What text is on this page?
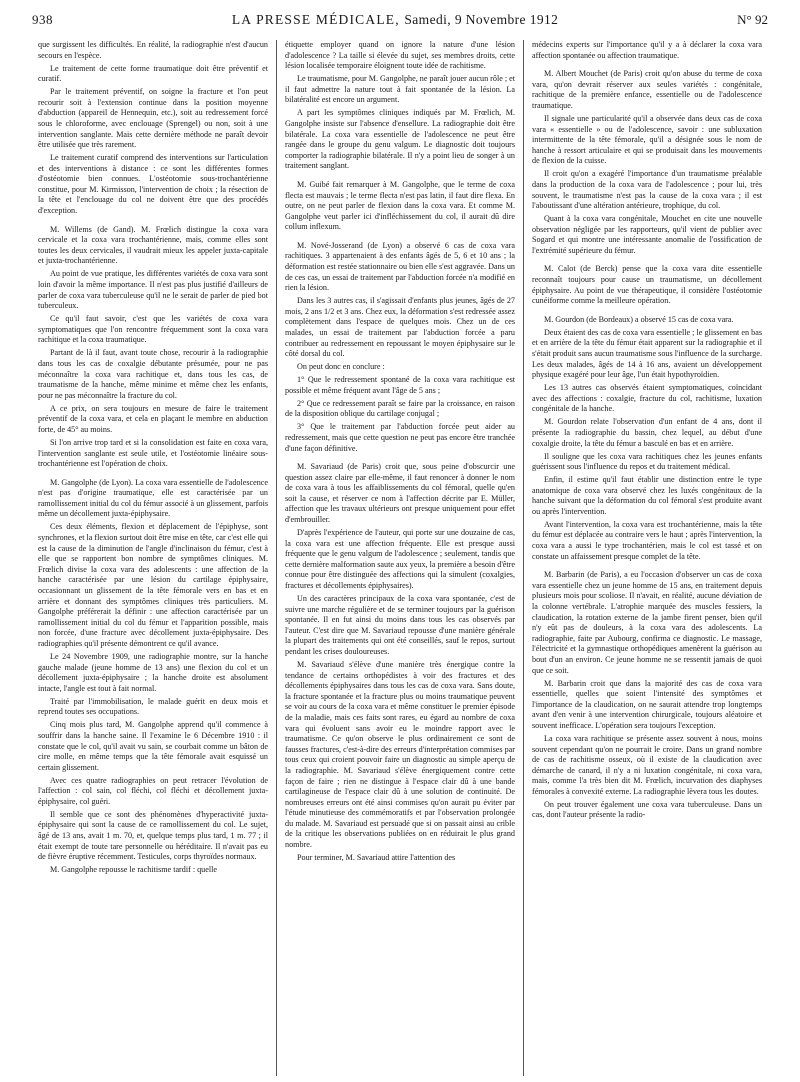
938	LA PRESSE MÉDICALE, Samedi, 9 Novembre 1912	N° 92

que surgissent les difficultés. En réalité, la radiographie n'est d'aucun secours en l'espèce.

Le traitement de cette forme traumatique doit être préventif et curatif.

Par le traitement préventif, on soigne la fracture et l'on peut recourir soit à l'extension continue dans la position moyenne d'abduction (appareil de Hennequin, etc.), soit au redressement forcé sous le chloroforme, avec enclouage (Sprengel) ou non, soit à une intervention sanglante. Mais cette dernière méthode ne paraît devoir être utilisée que très rarement.

Le traitement curatif comprend des interventions sur l'articulation et des interventions à distance : ce sont les différentes formes d'ostéotomie bien connues. L'ostéotomie sous-trochantérienne constitue, pour M. Kirmisson, l'intervention de choix ; la résection de la tête et l'enclouage du col ne doivent être que des procédés d'exception.

M. Willems (de Gand). M. Frœlich distingue la coxa vara cervicale et la coxa vara trochantérienne, mais, comme elles sont toutes les deux cervicales, il vaudrait mieux les appeler juxta-capitale et juxta-trochantérienne.

Au point de vue pratique, les différentes variétés de coxa vara sont loin d'avoir la même importance. Il n'est pas plus justifié d'ailleurs de parler de coxa vara tuberculeuse qu'il ne le serait de parler de pied bot tuberculeux.

Ce qu'il faut savoir, c'est que les variétés de coxa vara symptomatiques que l'on rencontre fréquemment sont la coxa vara rachitique et la coxa traumatique.

Partant de là il faut, avant toute chose, recourir à la radiographie dans tous les cas de coxalgie débutante présumée, pour ne pas méconnaître la coxa vara rachitique et, dans tous les cas, de traumatisme de la hanche, même minime et même chez les enfants, pour ne pas méconnaître la fracture du col.

A ce prix, on sera toujours en mesure de faire le traitement préventif de la coxa vara, et cela en plaçant le membre en abduction forte, de 45° au moins.

Si l'on arrive trop tard et si la consolidation est faite en coxa vara, l'intervention sanglante est seule utile, et l'ostéotomie linéaire sous-trochantérienne est l'opération de choix.

M. Gangolphe (de Lyon). La coxa vara essentielle de l'adolescence n'est pas d'origine traumatique, elle est caractérisée par un ramollissement initial du col du fémur associé à un glissement, parfois même un décollement juxta-épiphysaire.

Ces deux éléments, flexion et déplacement de l'épiphyse, sont synchrones, et la flexion surtout doit être mise en tête, car c'est elle qui est la cause de la diminution de l'angle d'inclinaison du fémur, c'est à elle que se rapportent bon nombre de symptômes cliniques. M. Frœlich divise la coxa vara des adolescents : une affection de la hanche caractérisée par une lésion du cartilage épiphysaire, occasionnant un glissement de la tête fémorale vers en bas et en arrière et donnant des symptômes cliniques très particuliers. M. Gangolphe préférerait la définir : une affection caractérisée par un ramollissement initial du col du fémur et l'apparition possible, mais non forcée, d'une fracture avec décollement juxta-épiphysaire. Des radiographies qu'il présente démontrent ce qu'il avance.

Le 24 Novembre 1909, une radiographie montre, sur la hanche gauche malade (jeune homme de 13 ans) une flexion du col et un décollement juxta-épiphysaire ; la hanche droite est absolument intacte, l'angle est tout à fait normal.

Traité par l'immobilisation, le malade guérit en deux mois et reprend toutes ses occupations.

Cinq mois plus tard, M. Gangolphe apprend qu'il commence à souffrir dans la hanche saine. Il l'examine le 6 Décembre 1910 : il constate que le col, qu'il avait vu sain, se courbait comme un bâton de cire molle, en même temps que la tête fémorale avait esquissé un certain glissement.

Avec ces quatre radiographies on peut retracer l'évolution de l'affection : col sain, col fléchi, col fléchi et décollement juxta-épiphysaire, col guéri.

Il semble que ce sont des phénomènes d'hyperactivité juxta-épiphysaire qui sont la cause de ce ramollissement du col. Le sujet, âgé de 13 ans, avait 1 m. 70, et, quelque temps plus tard, 1 m. 77 ; il était exempt de toute tare personnelle ou héréditaire. Il n'avait pas eu de fièvre éruptive récemment. Testicules, corps thyroïdes normaux.

M. Gangolphe repousse le rachitisme tardif : quelle

étiquette employer quand on ignore la nature d'une lésion d'adolescence ? La taille si élevée du sujet, ses membres droits, cette lésion localisée temporaire éloignent toute idée de rachitisme.

Le traumatisme, pour M. Gangolphe, ne paraît jouer aucun rôle ; et il faut admettre la nature tout à fait spontanée de la lésion. La bilatéralité est encore un argument.

A part les symptômes cliniques indiqués par M. Frœlich, M. Gangolphe insiste sur l'absence d'ensellure. La radiographie doit être bilatérale. La coxa vara essentielle de l'adolescence ne peut être rangée dans le groupe du genu valgum. Le diagnostic doit toujours comporter la radiographie bilatérale. Il n'y a point lieu de songer à un traitement sanglant.

M. Guibé fait remarquer à M. Gangolphe, que le terme de coxa flecta est mauvais ; le terme flecta n'est pas latin, il faut dire flexa. En outre, on ne peut parler de flexion dans la coxa vara. Et comme M. Gangolphe veut parler ici d'infléchissement du col, il aurait dû dire collum inflexum.

M. Nové-Josserand (de Lyon) a observé 6 cas de coxa vara rachitiques. 3 appartenaient à des enfants âgés de 5, 6 et 10 ans ; la déformation est restée stationnaire ou bien elle s'est aggravée. Dans un de ces cas, un essai de traitement par l'abduction forcée n'a modifié en rien la lésion.

Dans les 3 autres cas, il s'agissait d'enfants plus jeunes, âgés de 27 mois, 2 ans 1/2 et 3 ans. Chez eux, la déformation s'est redressée assez complètement dans l'espace de quelques mois. Chez un de ces malades, un essai de traitement par l'abduction forcée a paru contribuer au redressement en repoussant le moyen épiphysaire sur le côté dorsal du col.

On peut donc en conclure :

1° Que le redressement spontané de la coxa vara rachitique est possible et même fréquent avant l'âge de 5 ans ;

2° Que ce redressement paraît se faire par la croissance, en raison de la disposition oblique du cartilage conjugal ;

3° Que le traitement par l'abduction forcée peut aider au redressement, mais que cette question ne peut pas encore être tranchée d'une façon définitive.

M. Savariaud (de Paris) croit que, sous peine d'obscurcir une question assez claire par elle-même, il faut renoncer à donner le nom de coxa vara à tous les affaiblissements du col fémoral, quelle qu'en soit la cause, et réserver ce nom à l'affection décrite par E. Müller, affection que les travaux ultérieurs ont presque uniquement pour effet d'embrouiller.

D'après l'expérience de l'auteur, qui porte sur une douzaine de cas, la coxa vara est une affection fréquente. Elle est presque aussi fréquente que le genu valgum de l'adolescence ; seulement, tandis que cette dernière malformation saute aux yeux, la première a besoin d'être connue pour être distinguée des affections qui la simulent (coxalgies, fractures et décollements épiphysaires).

Un des caractères principaux de la coxa vara spontanée, c'est de suivre une marche régulière et de se terminer toujours par la guérison spontanée. Il en fut ainsi du moins dans tous les cas observés par l'auteur. C'est dire que M. Savariaud repousse d'une manière générale la plupart des traitements qui ont été conseillés, sauf le repos, surtout pendant les crises douloureuses.

M. Savariaud s'élève d'une manière très énergique contre la tendance de certains orthopédistes à voir des fractures et des décollements épiphysaires dans tous les cas de coxa vara. Sans doute, la fracture spontanée et la fracture plus ou moins traumatique peuvent se voir au cours de la coxa vara et même constituer le premier épisode de la maladie, mais ces faits sont rares, eu égard au nombre de coxa vara qui évoluent sans avoir eu le moindre rapport avec le traumatisme. Ce qu'on observe le plus ordinairement ce sont de fausses fractures, c'est-à-dire des erreurs d'interprétation commises par tous ceux qui croient pouvoir faire un diagnostic au simple aperçu de la radiographie. M. Savariaud s'élève énergiquement contre cette façon de faire ; rien ne distingue à l'espace clair dû à une bande cartilagineuse de l'espace clair dû à une solution de continuité. De nombreuses erreurs ont été ainsi commises qu'on aurait pu éviter par l'étude minutieuse des commémoratifs et par l'observation prolongée du malade. M. Savariaud est persuadé que si on passait ainsi au crible de la critique les observations publiées on en réduirait le plus grand nombre.

Pour terminer, M. Savariaud attire l'attention des

médecins experts sur l'importance qu'il y a à déclarer la coxa vara affection spontanée ou affection traumatique.

M. Albert Mouchet (de Paris) croit qu'on abuse du terme de coxa vara, qu'on devrait réserver aux seules variétés : congénitale, rachitique de la première enfance, essentielle ou de l'adolescence traumatique.

Il signale une particularité qu'il a observée dans deux cas de coxa vara « essentielle » ou de l'adolescence, savoir : une subluxation intermittente de la tête fémorale, qu'il a désignée sous le nom de hanche à ressort articulaire et qui se produisait dans les mouvements de flexion de la cuisse.

Il croit qu'on a exagéré l'importance d'un traumatisme préalable dans la production de la coxa vara de l'adolescence ; pour lui, très souvent, le traumatisme n'est pas la cause de la coxa vara ; il est l'aboutissant d'une altération antérieure, trophique, du col.

Quant à la coxa vara congénitale, Mouchet en cite une nouvelle observation négligée par les rapporteurs, qu'il vient de publier avec Sogard et qui montre une intéressante anomalie de l'ossification de l'extrémité supérieure du fémur.

M. Calot (de Berck) pense que la coxa vara dite essentielle reconnaît toujours pour cause un traumatisme, un décollement épiphysaire. Au point de vue thérapeutique, il considère l'ostéotomie cunéiforme comme la meilleure opération.

M. Gourdon (de Bordeaux) a observé 15 cas de coxa vara.

Deux étaient des cas de coxa vara essentielle ; le glissement en bas et en arrière de la tête du fémur était apparent sur la radiographie et il s'était produit sans aucun traumatisme sous l'influence de la surcharge. Les deux malades, âgés de 14 à 16 ans, avaient un développement physique exagéré pour leur âge, l'un était hypothyroïdien.

Les 13 autres cas observés étaient symptomatiques, coïncidant avec des affections : coxalgie, fracture du col, rachitisme, luxation congénitale de la hanche.

M. Gourdon relate l'observation d'un enfant de 4 ans, dont il présente la radiographie du bassin, chez lequel, au début d'une coxalgie droite, la tête du fémur a basculé en bas et en arrière.

Il souligne que les coxa vara rachitiques chez les jeunes enfants guérissent sous l'influence du repos et du traitement médical.

Enfin, il estime qu'il faut établir une distinction entre le type anatomique de coxa vara observé chez les luxés congénitaux de la hanche suivant que la déformation du col fémoral s'est produite avant ou après l'intervention.

Avant l'intervention, la coxa vara est trochantérienne, mais la tête du fémur est déplacée au contraire vers le haut ; après l'intervention, la coxa vara a aussi le type trochantérien, mais le col est tassé et on constate un affaissement presque complet de la tête.

M. Barbarin (de Paris), a eu l'occasion d'observer un cas de coxa vara essentielle chez un jeune homme de 15 ans, en traitement depuis plusieurs mois pour scoliose. Il n'avait, en réalité, aucune déviation de la colonne vertébrale. L'atrophie marquée des muscles fessiers, la claudication, la rotation externe de la jambe firent penser, bien qu'il n'y eût pas de douleurs, à la coxa vara des adolescents. La radiographie, faite par Aubourg, confirma ce diagnostic. Le massage, l'électricité et la gymnastique orthopédiques amenèrent la guérison au bout d'un an environ. Ce jeune homme ne se ressentit jamais de quoi que ce soit.

M. Barbarin croit que dans la majorité des cas de coxa vara essentielle, quelles que soient l'intensité des symptômes et l'importance de la claudication, on ne saurait attendre trop longtemps avant d'en venir à une intervention chirurgicale, toujours aléatoire et souvent inefficace. L'opération sera toujours l'exception.

La coxa vara rachitique se présente assez souvent à nous, moins souvent cependant qu'on ne pourrait le croire. Dans un grand nombre de cas de rachitisme osseux, où il existe de la claudication avec démarche de canard, il n'y a ni luxation congénitale, ni coxa vara, mais, comme l'a très bien dit M. Frœlich, incurvation des diaphyses fémorales à convexité externe. La radiographie lèvera tous les doutes.

On peut trouver également une coxa vara tuberculeuse. Dans un cas, dont l'auteur présente la radio-
